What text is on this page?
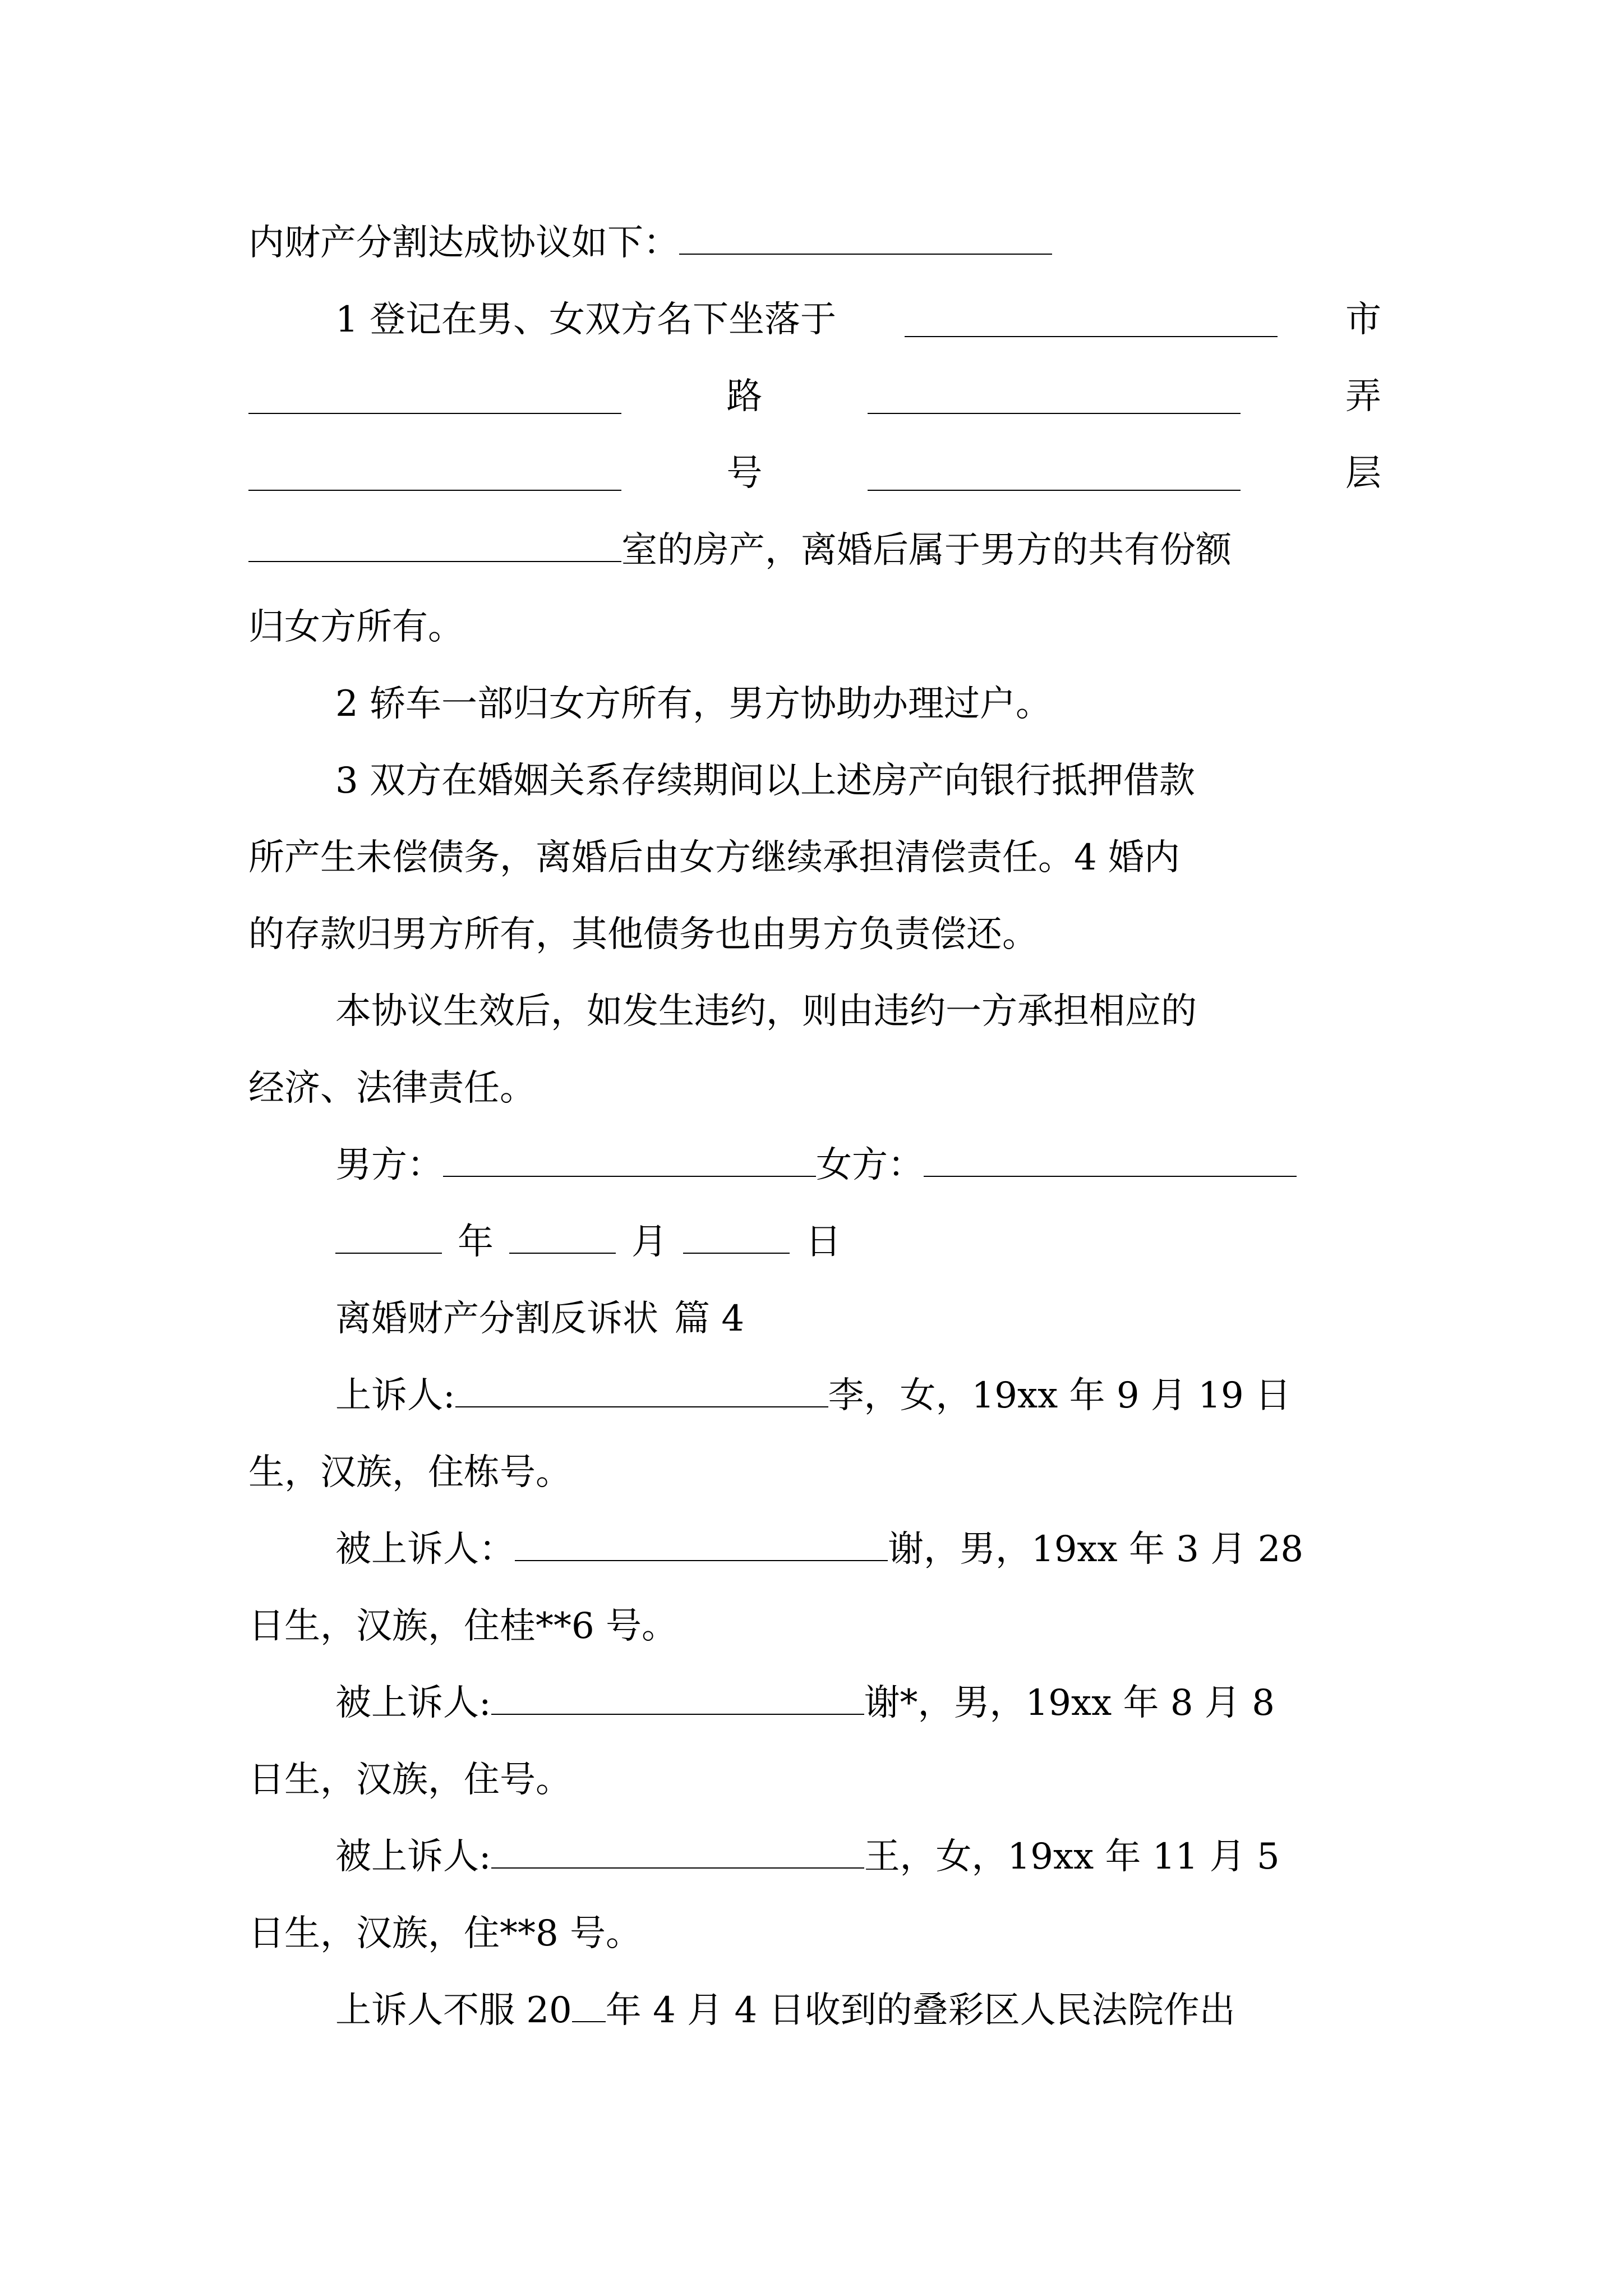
内财产分割达成协议如下：
1 登记在男、女双方名下坐落于	市
路	弄
号	层
室的房产，离婚后属于男方的共有份额
归女方所有。
2 轿车一部归女方所有，男方协助办理过户。
3 双方在婚姻关系存续期间以上述房产向银行抵押借款
所产生未偿债务，离婚后由女方继续承担清偿责任。4 婚内
的存款归男方所有，其他债务也由男方负责偿还。
本协议生效后，如发生违约，则由违约一方承担相应的
经济、法律责任。
男方：	女方：
年	月	日
离婚财产分割反诉状 篇 4
上诉人:	李，女，19xx 年 9 月 19 日
生，汉族，住栋号。
被上诉人：	谢，男，19xx 年 3 月 28
日生，汉族，住桂**6 号。
被上诉人:	谢*，男，19xx 年 8 月 8
日生，汉族，住号。
被上诉人:	王，女，19xx 年 11 月 5
日生，汉族，住**8 号。
上诉人不服 20 年 4 月 4 日收到的叠彩区人民法院作出
